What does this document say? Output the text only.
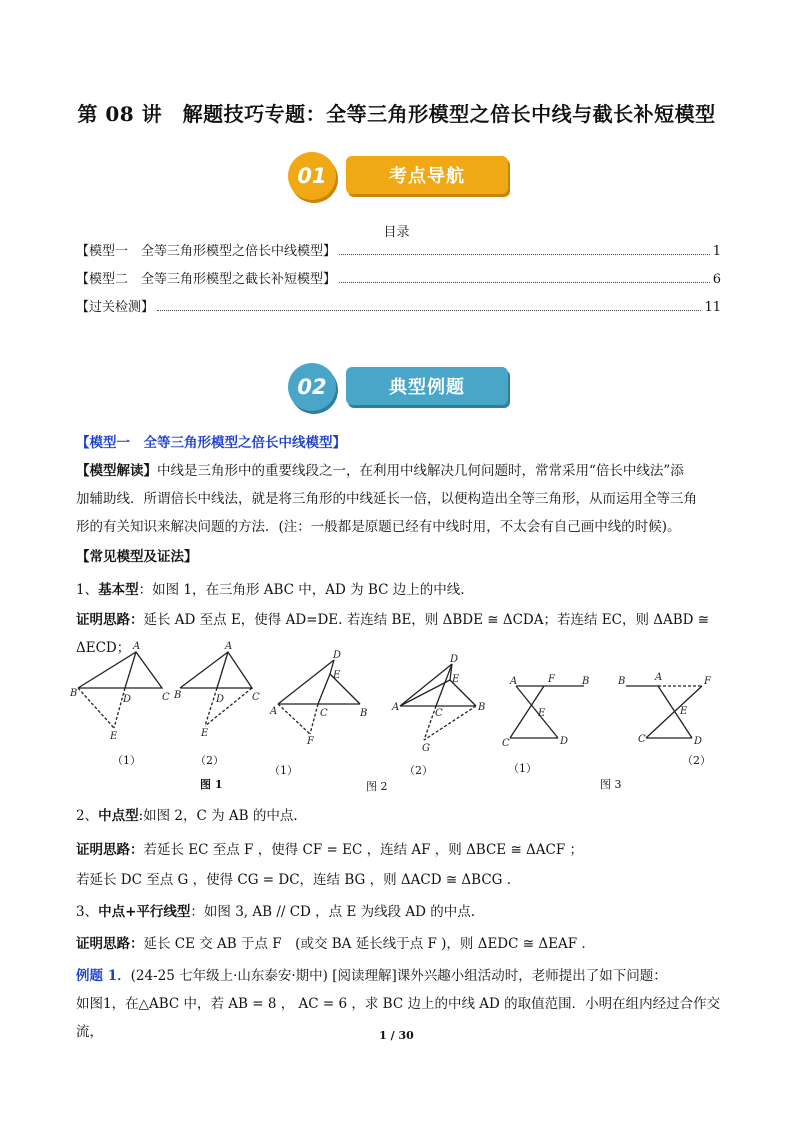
第 08 讲　解题技巧专题：全等三角形模型之倍长中线与截长补短模型
考点导航
01
目录
【模型一　全等三角形模型之倍长中线模型】	1
【模型二　全等三角形模型之截长补短模型】	6
【过关检测】	11
典型例题
02
【模型一　全等三角形模型之倍长中线模型】
【模型解读】中线是三角形中的重要线段之一，在利用中线解决几何问题时，常常采用“倍长中线法”添
加辅助线．所谓倍长中线法，就是将三角形的中线延长一倍，以便构造出全等三角形，从而运用全等三角
形的有关知识来解决问题的方法．(注：一般都是原题已经有中线时用，不太会有自己画中线的时候)。
【常见模型及证法】
1、基本型：如图 1，在三角形 ABC 中，AD 为 BC 边上的中线.
证明思路：延长 AD 至点 E，使得 AD=DE. 若连结 BE，则 ΔBDE ≅ ΔCDA；若连结 EC，则 ΔABD ≅ ΔECD； A
B	C
D
E
A
B	C
D
E
D
E
A	C	B
F
D
E
A
C
B
G
A	F	B
E
C	D
B	A	F
E
C	D
（1）	（2）
（1）	（2）	（1）
（2）
图 1	图 2	图 3
2、中点型:如图 2，C 为 AB 的中点.
证明思路：若延长 EC 至点 F ，使得 CF = EC ，连结 AF ，则 ΔBCE ≅ ΔACF ；
若延长 DC 至点 G ，使得 CG = DC，连结 BG ，则 ΔACD ≅ ΔBCG .
3、中点+平行线型：如图 3, AB // CD ，点 E 为线段 AD 的中点.
证明思路：延长 CE 交 AB 于点 F　(或交 BA 延长线于点 F )，则 ΔEDC ≅ ΔEAF .
例题 1．(24-25 七年级上·山东泰安·期中) [阅读理解]课外兴趣小组活动时，老师提出了如下问题：
如图1，在△ABC 中，若 AB = 8 ， AC = 6 ，求 BC 边上的中线 AD 的取值范围．小明在组内经过合作交流，	1 / 30
